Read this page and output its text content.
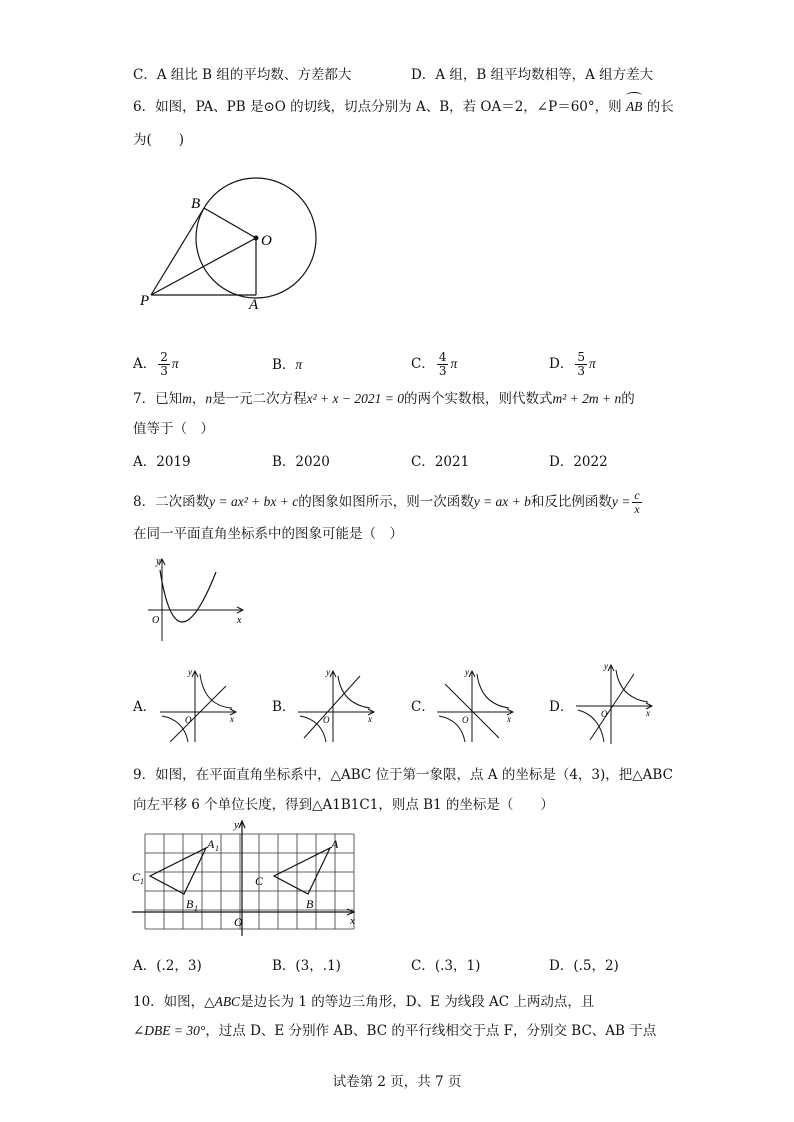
C．A 组比 B 组的平均数、方差都大	D．A 组，B 组平均数相等，A 组方差大
6．如图，PA、PB 是⊙O 的切线，切点分别为 A、B，若 OA＝2，∠P＝60°，则
AB 的长
为(　　)
B
O
P	A
A． $\frac{2}{3}$ π	B．π	C． $\frac{4}{3}$ π	D． $\frac{5}{3}$ π
7．已知m，n是一元二次方程x² + x − 2021 = 0的两个实数根，则代数式m² + 2m + n的
值等于（　）
A．2019	B．2020	C．2021	D．2022
8．二次函数y = ax² + bx + c的图象如图所示，则一次函数y = ax + b和反比例函数$y = \frac{c}{x}$
在同一平面直角坐标系中的图象可能是（　）
y
x
O
A．	B．	C．	D．
y
x
O
y
x
O
y
x
O
y
x
O
9．如图，在平面直角坐标系中，△ABC 位于第一象限，点 A 的坐标是（4，3)，把△ABC
向左平移 6 个单位长度，得到△A1B1C1，则点 B1 的坐标是（　　）
A 1
C 1
B 1
C
A
B
O	x
y
A．(.2，3)	B．(3，.1)	C．(.3，1)	D．(.5，2)
10．如图，△ABC是边长为 1 的等边三角形，D、E 为线段 AC 上两动点，且
∠DBE = 30°，过点 D、E 分别作 AB、BC 的平行线相交于点 F，分别交 BC、AB 于点
试卷第 2 页，共 7 页
